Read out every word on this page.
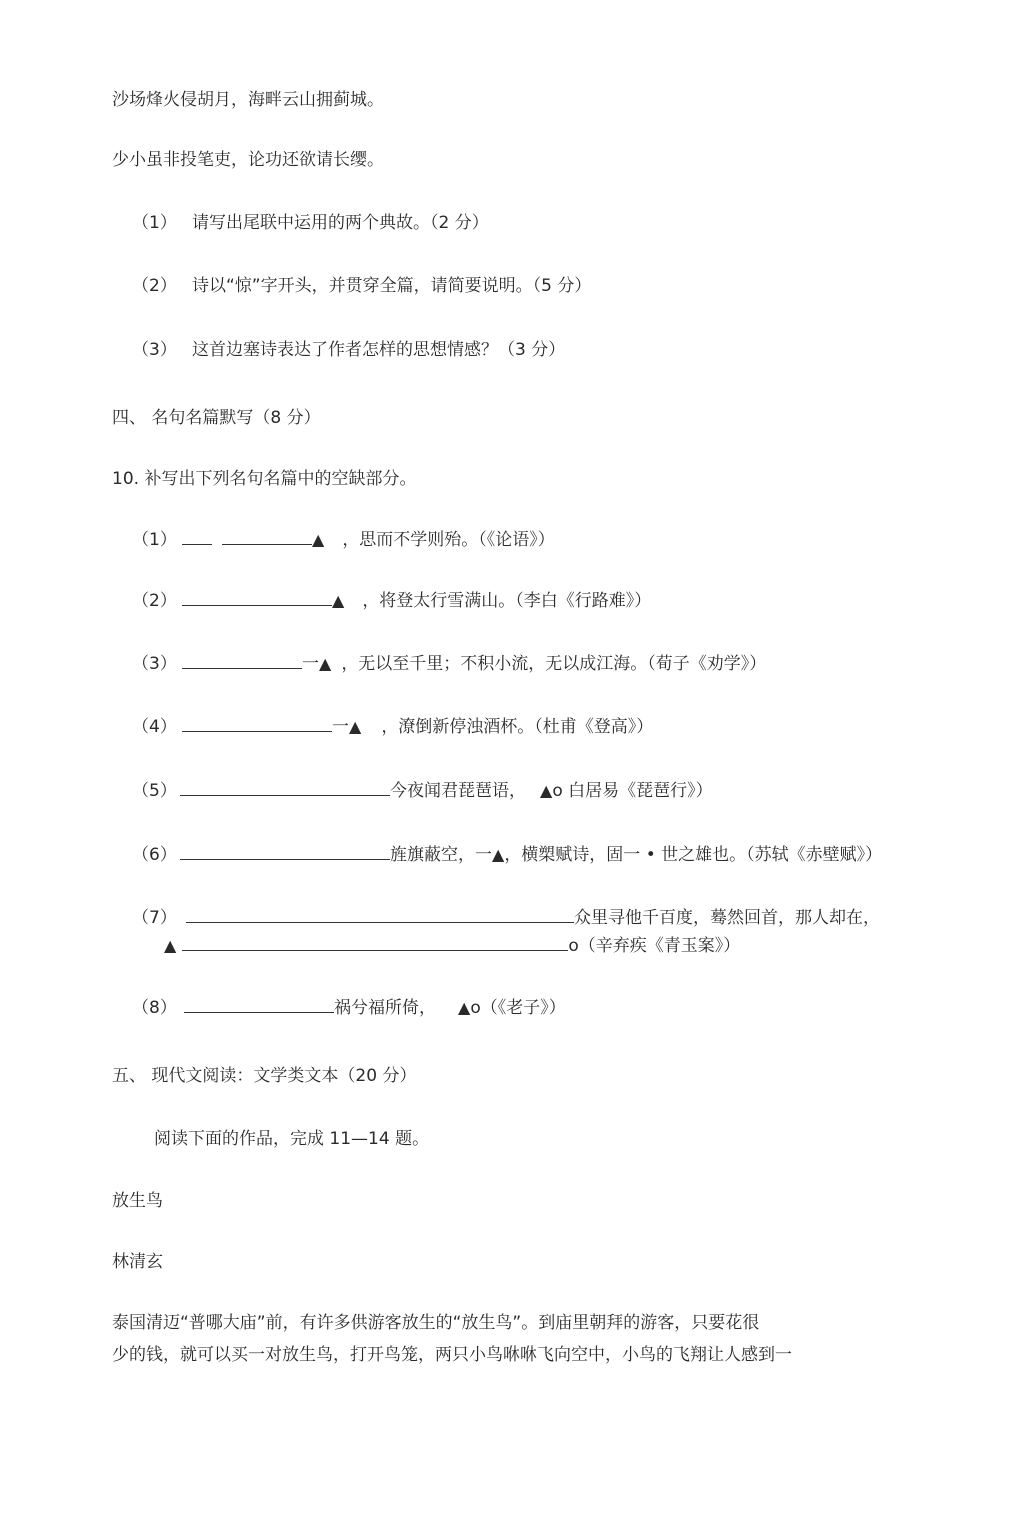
沙场烽火侵胡月，海畔云山拥蓟城。
少小虽非投笔吏，论功还欲请长缨。
（1） 请写出尾联中运用的两个典故。（2 分）
（2） 诗以“惊”字开头，并贯穿全篇，请简要说明。（5 分）
（3） 这首边塞诗表达了作者怎样的思想情感？（3 分）
四、 名句名篇默写（8 分）
10. 补写出下列名句名篇中的空缺部分。
（1）	▲ ，思而不学则殆。（《论语》）
（2）	▲ ，将登太行雪满山。（李白《行路难》）
（3）	一▲ ，无以至千里；不积小流，无以成江海。（荀子《劝学》）
（4）	一▲ ，潦倒新停浊酒杯。（杜甫《登高》）
（5）	今夜闻君琵琶语， ▲o 白居易《琵琶行》）
（6）	旌旗蔽空，一▲，横槊赋诗，固一 • 世之雄也。（苏轼《赤壁赋》）
（7）	众里寻他千百度，蓦然回首，那人却在，
▲	o（辛弃疾《青玉案》）
（8）	祸兮福所倚， ▲o（《老子》）
五、 现代文阅读：文学类文本（20 分）
阅读下面的作品，完成 11—14 题。
放生鸟
林清玄
泰国清迈“普哪大庙”前，有许多供游客放生的“放生鸟”。到庙里朝拜的游客，只要花很
少的钱，就可以买一对放生鸟，打开鸟笼，两只小鸟咻咻飞向空中，小鸟的飞翔让人感到一
